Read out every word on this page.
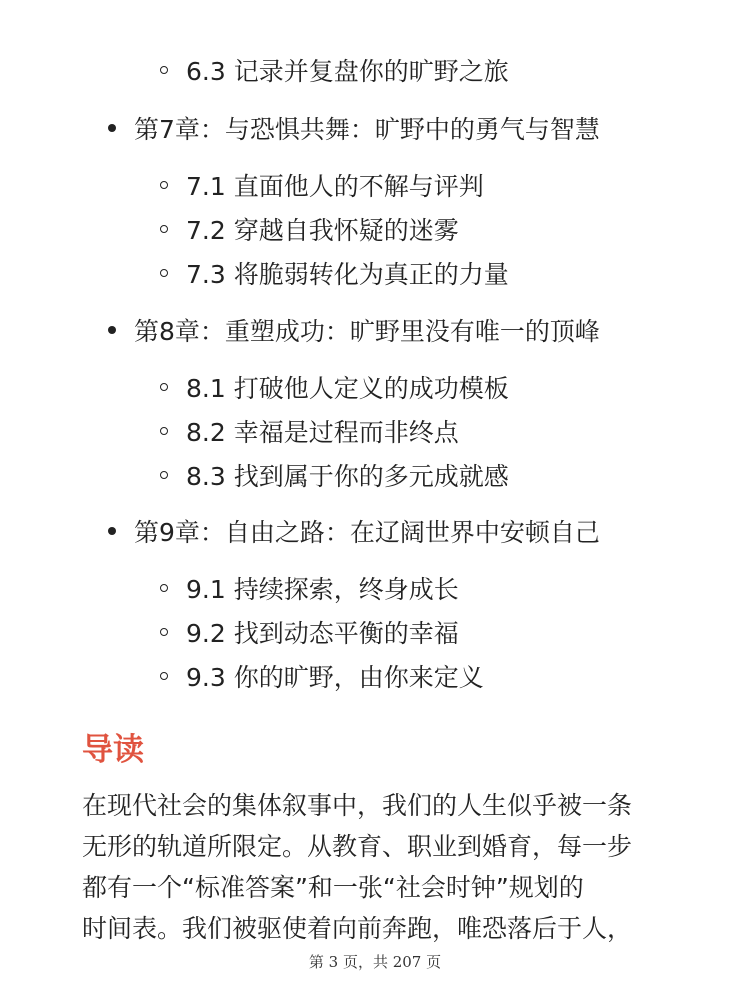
6.3 记录并复盘你的旷野之旅
第7章：与恐惧共舞：旷野中的勇气与智慧
7.1 直面他人的不解与评判
7.2 穿越自我怀疑的迷雾
7.3 将脆弱转化为真正的力量
第8章：重塑成功：旷野里没有唯一的顶峰
8.1 打破他人定义的成功模板
8.2 幸福是过程而非终点
8.3 找到属于你的多元成就感
第9章：自由之路：在辽阔世界中安顿自己
9.1 持续探索，终身成长
9.2 找到动态平衡的幸福
9.3 你的旷野，由你来定义
导读
在现代社会的集体叙事中，我们的人生似乎被一条
无形的轨道所限定。从教育、职业到婚育，每一步
都有一个“标准答案”和一张“社会时钟”规划的
时间表。我们被驱使着向前奔跑，唯恐落后于人，
第 3 页，共 207 页
